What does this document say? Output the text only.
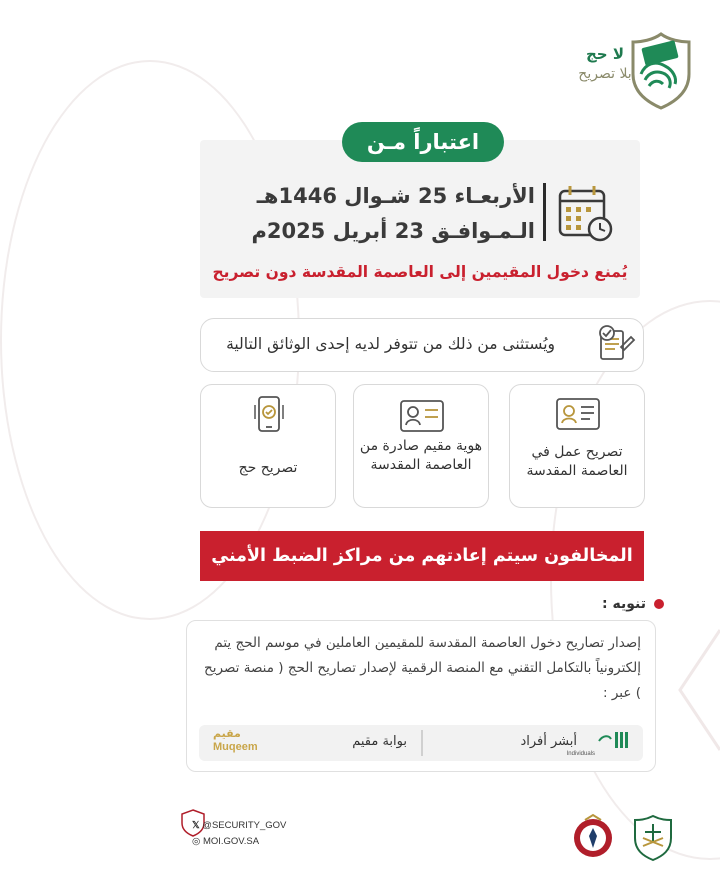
لا حج
بلا تصريح
اعتباراً مـن
الأربعـاء 25 شـوال 1446هـ
الـمـوافـق 23 أبريل 2025م
يُمنع دخول المقيمين إلى العاصمة المقدسة دون تصريح
ويُستثنى من ذلك من تتوفر لديه إحدى الوثائق التالية
تصريح عمل في العاصمة المقدسة
هوية مقيم صادرة من العاصمة المقدسة
تصريح حج
المخالفون سيتم إعادتهم من مراكز الضبط الأمني
تنويه :
إصدار تصاريح دخول العاصمة المقدسة للمقيمين العاملين في موسم الحج يتم إلكترونياً بالتكامل التقني مع المنصة الرقمية لإصدار تصاريح الحج ( منصة تصريح ) عبر :
Individuals
أبشر أفراد
بوابة مقيم
مقيم
Muqeem
𝕏 @SECURITY_GOV
◎ MOI.GOV.SA
